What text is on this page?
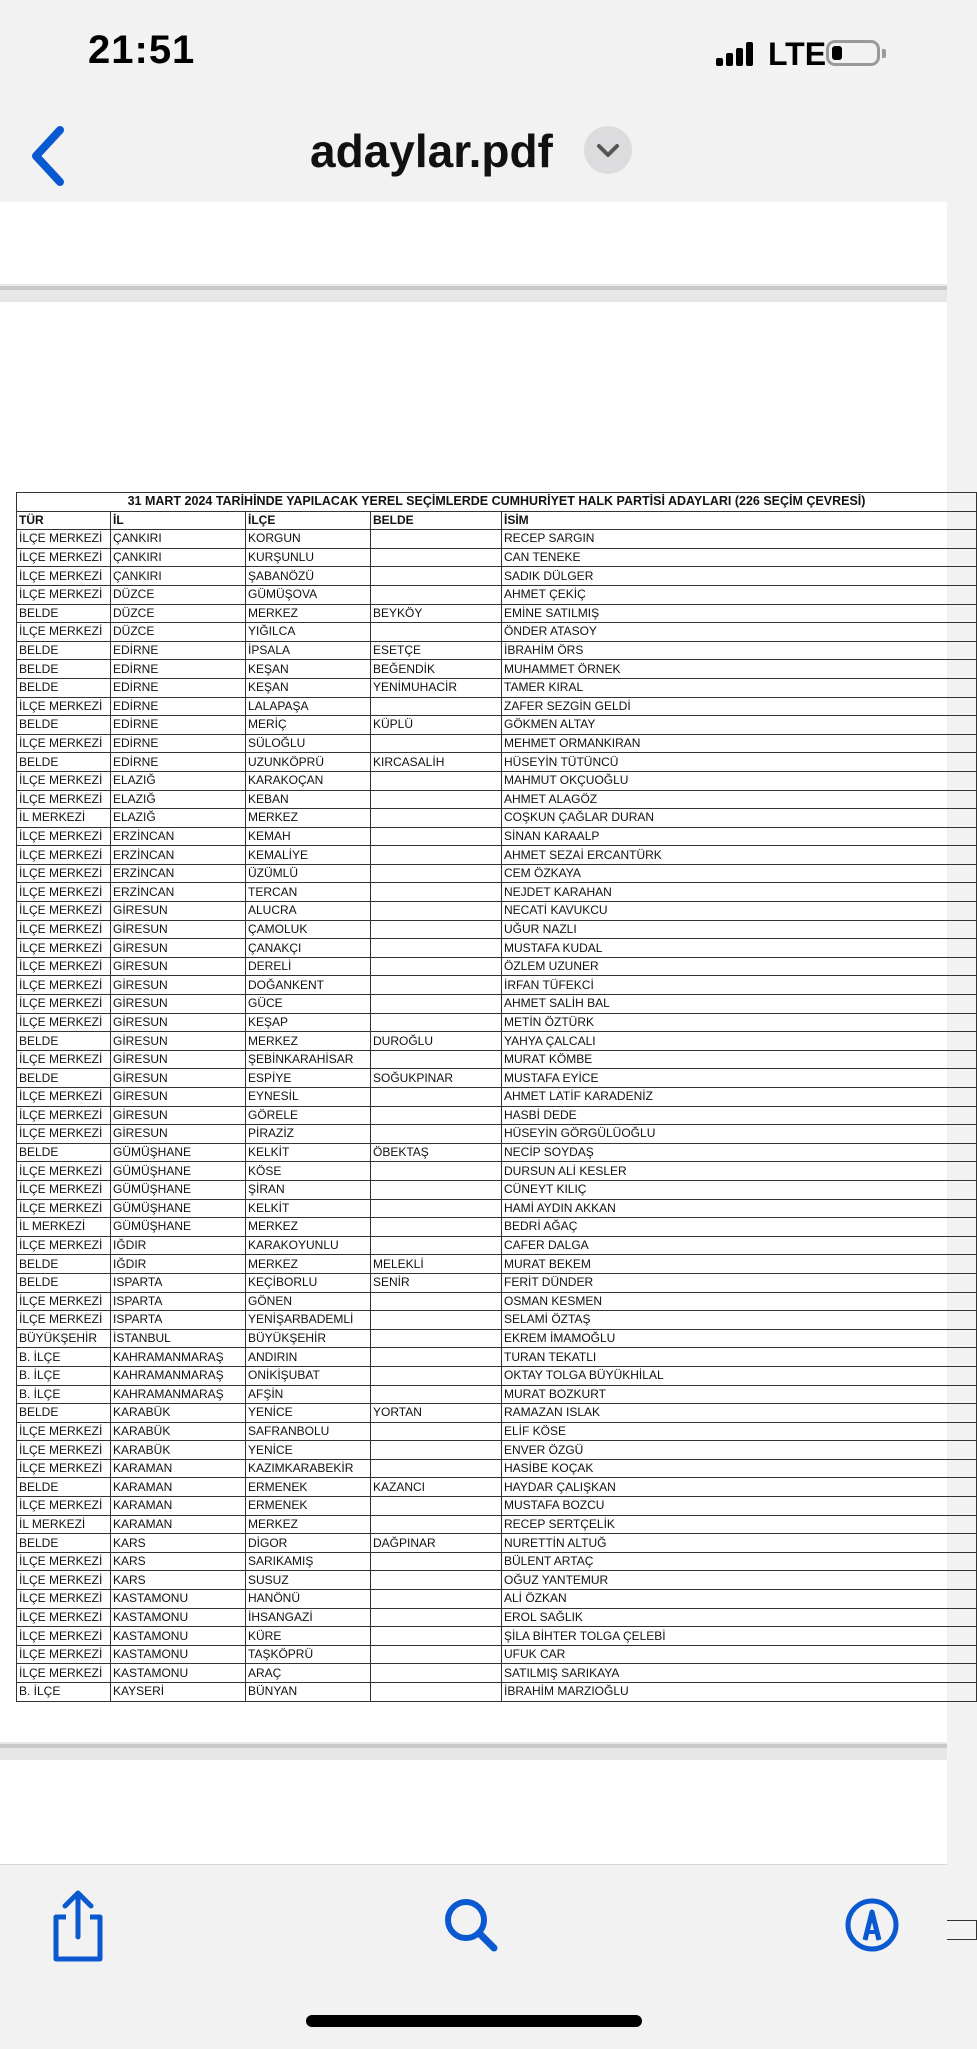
21:51	LTE
adaylar.pdf
31 MART 2024 TARİHİNDE YAPILACAK YEREL SEÇİMLERDE CUMHURİYET HALK PARTİSİ ADAYLARI (226 SEÇİM ÇEVRESİ)				
TÜR	İL	İLÇE	BELDE	İSİM
İLÇE MERKEZİ	ÇANKIRI	KORGUN		RECEP SARGIN
İLÇE MERKEZİ	ÇANKIRI	KURŞUNLU		CAN TENEKE
İLÇE MERKEZİ	ÇANKIRI	ŞABANÖZÜ		SADIK DÜLGER
İLÇE MERKEZİ	DÜZCE	GÜMÜŞOVA		AHMET ÇEKİÇ
BELDE	DÜZCE	MERKEZ	BEYKÖY	EMİNE SATILMIŞ
İLÇE MERKEZİ	DÜZCE	YIĞILCA		ÖNDER ATASOY
BELDE	EDİRNE	İPSALA	ESETÇE	İBRAHİM ÖRS
BELDE	EDİRNE	KEŞAN	BEĞENDİK	MUHAMMET ÖRNEK
BELDE	EDİRNE	KEŞAN	YENİMUHACİR	TAMER KIRAL
İLÇE MERKEZİ	EDİRNE	LALAPAŞA		ZAFER SEZGİN GELDİ
BELDE	EDİRNE	MERİÇ	KÜPLÜ	GÖKMEN ALTAY
İLÇE MERKEZİ	EDİRNE	SÜLOĞLU		MEHMET ORMANKIRAN
BELDE	EDİRNE	UZUNKÖPRÜ	KIRCASALİH	HÜSEYİN TÜTÜNCÜ
İLÇE MERKEZİ	ELAZIĞ	KARAKOÇAN		MAHMUT OKÇUOĞLU
İLÇE MERKEZİ	ELAZIĞ	KEBAN		AHMET ALAGÖZ
İL MERKEZİ	ELAZIĞ	MERKEZ		COŞKUN ÇAĞLAR DURAN
İLÇE MERKEZİ	ERZİNCAN	KEMAH		SİNAN KARAALP
İLÇE MERKEZİ	ERZİNCAN	KEMALİYE		AHMET SEZAİ ERCANTÜRK
İLÇE MERKEZİ	ERZİNCAN	ÜZÜMLÜ		CEM ÖZKAYA
İLÇE MERKEZİ	ERZİNCAN	TERCAN		NEJDET KARAHAN
İLÇE MERKEZİ	GİRESUN	ALUCRA		NECATİ KAVUKCU
İLÇE MERKEZİ	GİRESUN	ÇAMOLUK		UĞUR NAZLI
İLÇE MERKEZİ	GİRESUN	ÇANAKÇI		MUSTAFA KUDAL
İLÇE MERKEZİ	GİRESUN	DERELİ		ÖZLEM UZUNER
İLÇE MERKEZİ	GİRESUN	DOĞANKENT		İRFAN TÜFEKCİ
İLÇE MERKEZİ	GİRESUN	GÜCE		AHMET SALİH BAL
İLÇE MERKEZİ	GİRESUN	KEŞAP		METİN ÖZTÜRK
BELDE	GİRESUN	MERKEZ	DUROĞLU	YAHYA ÇALCALI
İLÇE MERKEZİ	GİRESUN	ŞEBİNKARAHİSAR		MURAT KÖMBE
BELDE	GİRESUN	ESPİYE	SOĞUKPINAR	MUSTAFA EYİCE
İLÇE MERKEZİ	GİRESUN	EYNESİL		AHMET LATİF KARADENİZ
İLÇE MERKEZİ	GİRESUN	GÖRELE		HASBİ DEDE
İLÇE MERKEZİ	GİRESUN	PİRAZİZ		HÜSEYİN GÖRGÜLÜOĞLU
BELDE	GÜMÜŞHANE	KELKİT	ÖBEKTAŞ	NECİP SOYDAŞ
İLÇE MERKEZİ	GÜMÜŞHANE	KÖSE		DURSUN ALİ KESLER
İLÇE MERKEZİ	GÜMÜŞHANE	ŞİRAN		CÜNEYT KILIÇ
İLÇE MERKEZİ	GÜMÜŞHANE	KELKİT		HAMİ AYDIN AKKAN
İL MERKEZİ	GÜMÜŞHANE	MERKEZ		BEDRİ AĞAÇ
İLÇE MERKEZİ	IĞDIR	KARAKOYUNLU		CAFER DALGA
BELDE	IĞDIR	MERKEZ	MELEKLİ	MURAT BEKEM
BELDE	ISPARTA	KEÇİBORLU	SENİR	FERİT DÜNDER
İLÇE MERKEZİ	ISPARTA	GÖNEN		OSMAN KESMEN
İLÇE MERKEZİ	ISPARTA	YENİŞARBADEMLİ		SELAMİ ÖZTAŞ
BÜYÜKŞEHİR	İSTANBUL	BÜYÜKŞEHİR		EKREM İMAMOĞLU
B. İLÇE	KAHRAMANMARAŞ	ANDIRIN		TURAN TEKATLI
B. İLÇE	KAHRAMANMARAŞ	ONİKİŞUBAT		OKTAY TOLGA BÜYÜKHİLAL
B. İLÇE	KAHRAMANMARAŞ	AFŞİN		MURAT BOZKURT
BELDE	KARABÜK	YENİCE	YORTAN	RAMAZAN ISLAK
İLÇE MERKEZİ	KARABÜK	SAFRANBOLU		ELİF KÖSE
İLÇE MERKEZİ	KARABÜK	YENİCE		ENVER ÖZGÜ
İLÇE MERKEZİ	KARAMAN	KAZIMKARABEKİR		HASİBE KOÇAK
BELDE	KARAMAN	ERMENEK	KAZANCI	HAYDAR ÇALIŞKAN
İLÇE MERKEZİ	KARAMAN	ERMENEK		MUSTAFA BOZCU
İL MERKEZİ	KARAMAN	MERKEZ		RECEP SERTÇELİK
BELDE	KARS	DİGOR	DAĞPINAR	NURETTİN ALTUĞ
İLÇE MERKEZİ	KARS	SARIKAMIŞ		BÜLENT ARTAÇ
İLÇE MERKEZİ	KARS	SUSUZ		OĞUZ YANTEMUR
İLÇE MERKEZİ	KASTAMONU	HANÖNÜ		ALİ ÖZKAN
İLÇE MERKEZİ	KASTAMONU	İHSANGAZİ		EROL SAĞLIK
İLÇE MERKEZİ	KASTAMONU	KÜRE		ŞİLA BİHTER TOLGA ÇELEBİ
İLÇE MERKEZİ	KASTAMONU	TAŞKÖPRÜ		UFUK CAR
İLÇE MERKEZİ	KASTAMONU	ARAÇ		SATILMIŞ SARIKAYA
B. İLÇE	KAYSERİ	BÜNYAN		İBRAHİM MARZIOĞLU
